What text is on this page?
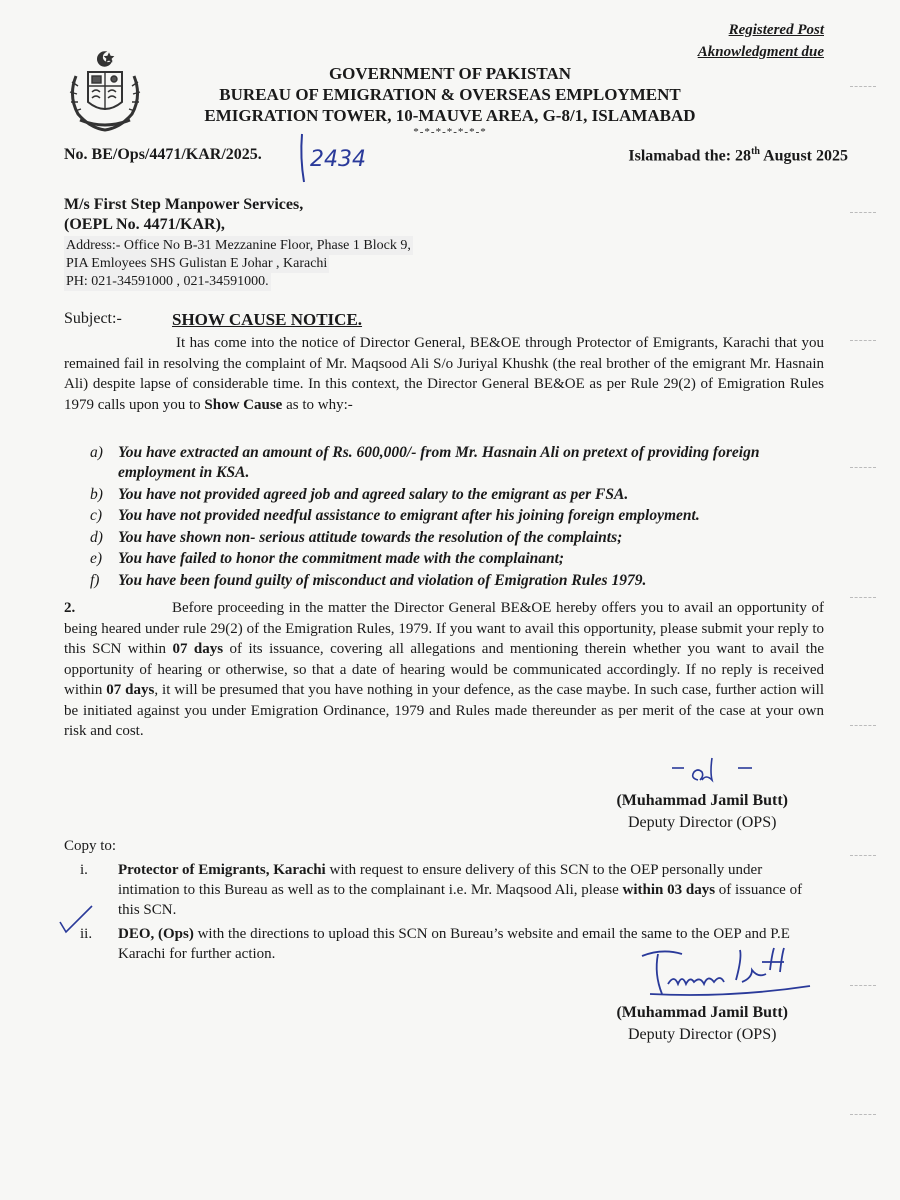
Registered Post
Aknowledgment due
GOVERNMENT OF PAKISTAN
BUREAU OF EMIGRATION & OVERSEAS EMPLOYMENT
EMIGRATION TOWER, 10-MAUVE AREA, G-8/1, ISLAMABAD
*-*-*-*-*-*-*
No. BE/Ops/4471/KAR/2025. 2434	Islamabad the: 28th August 2025
M/s First Step Manpower Services,
(OEPL No. 4471/KAR),
Address:- Office No B-31 Mezzanine Floor, Phase 1 Block 9,
PIA Emloyees SHS Gulistan E Johar , Karachi
PH: 021-34591000 , 021-34591000.
Subject:-	SHOW CAUSE NOTICE.
It has come into the notice of Director General, BE&OE through Protector of Emigrants, Karachi that you remained fail in resolving the complaint of Mr. Maqsood Ali S/o Juriyal Khushk (the real brother of the emigrant Mr. Hasnain Ali) despite lapse of considerable time. In this context, the Director General BE&OE as per Rule 29(2) of Emigration Rules 1979 calls upon you to Show Cause as to why:-
a) You have extracted an amount of Rs. 600,000/- from Mr. Hasnain Ali on pretext of providing foreign employment in KSA.
b) You have not provided agreed job and agreed salary to the emigrant as per FSA.
c) You have not provided needful assistance to emigrant after his joining foreign employment.
d) You have shown non- serious attitude towards the resolution of the complaints;
e) You have failed to honor the commitment made with the complainant;
f) You have been found guilty of misconduct and violation of Emigration Rules 1979.
2.	Before proceeding in the matter the Director General BE&OE hereby offers you to avail an opportunity of being heared under rule 29(2) of the Emigration Rules, 1979. If you want to avail this opportunity, please submit your reply to this SCN within 07 days of its issuance, covering all allegations and mentioning therein whether you want to avail the opportunity of hearing or otherwise, so that a date of hearing would be communicated accordingly. If no reply is received within 07 days, it will be presumed that you have nothing in your defence, as the case maybe. In such case, further action will be initiated against you under Emigration Ordinance, 1979 and Rules made thereunder as per merit of the case at your own risk and cost.
(Muhammad Jamil Butt)
Deputy Director (OPS)
Copy to:
i. Protector of Emigrants, Karachi with request to ensure delivery of this SCN to the OEP personally under intimation to this Bureau as well as to the complainant i.e. Mr. Maqsood Ali, please within 03 days of issuance of this SCN.
ii. DEO, (Ops) with the directions to upload this SCN on Bureau’s website and email the same to the OEP and P.E Karachi for further action.
(Muhammad Jamil Butt)
Deputy Director (OPS)
